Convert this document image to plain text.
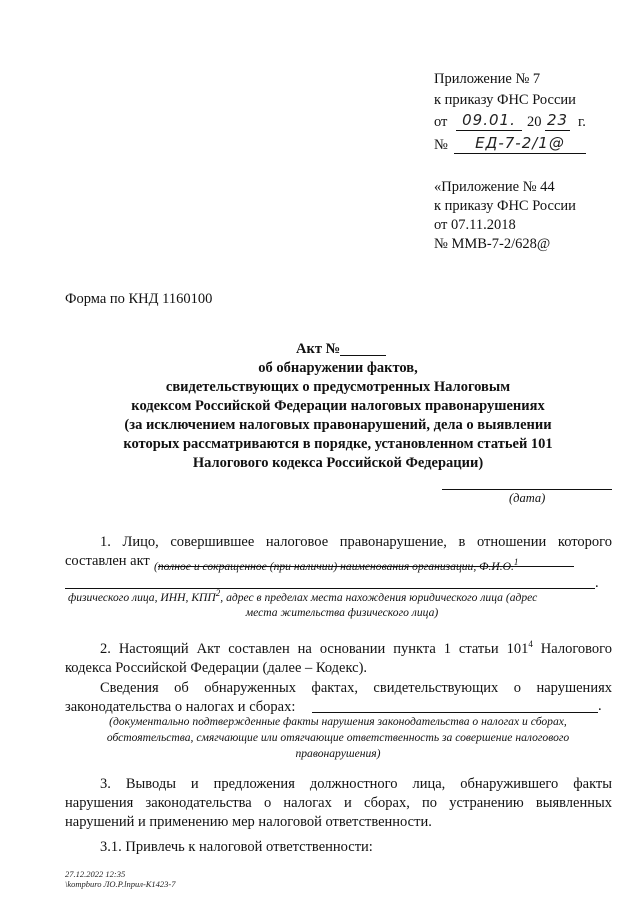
Приложение № 7
к приказу ФНС России
от 09.01. 20 23 г.
№	ЕД-7-2/1@
«Приложение № 44
к приказу ФНС России
от 07.11.2018
№ ММВ-7-2/628@
Форма по КНД 1160100
Акт №
об обнаружении фактов,
свидетельствующих о предусмотренных Налоговым
кодексом Российской Федерации налоговых правонарушениях
(за исключением налоговых правонарушений, дела о выявлении
которых рассматриваются в порядке, установленном статьей 101
Налогового кодекса Российской Федерации)
(дата)
1. Лицо, совершившее налоговое правонарушение, в отношении которого
составлен акт (полное и сокращенное (при наличии) наименования организации, Ф.И.О.$^1$
.
физического лица, ИНН, КПП$^2$, адрес в пределах места нахождения юридического лица (адрес
места жительства физического лица)
2. Настоящий Акт составлен на основании пункта 1 статьи $101^4$ Налогового
кодекса Российской Федерации (далее – Кодекс).
Сведения об обнаруженных фактах, свидетельствующих о нарушениях
законодательства о налогах и сборах:	.
(документально подтвержденные факты нарушения законодательства о налогах и сборах,
обстоятельства, смягчающие или отягчающие ответственность за совершение налогового
правонарушения)
3. Выводы и предложения должностного лица, обнаружившего факты
нарушения законодательства о налогах и сборах, по устранению выявленных
нарушений и применению мер налоговой ответственности.
3.1. Привлечь к налоговой ответственности:
27.12.2022 12:35
\kompburo ЛО.Р.lпрuл-К1423-7
